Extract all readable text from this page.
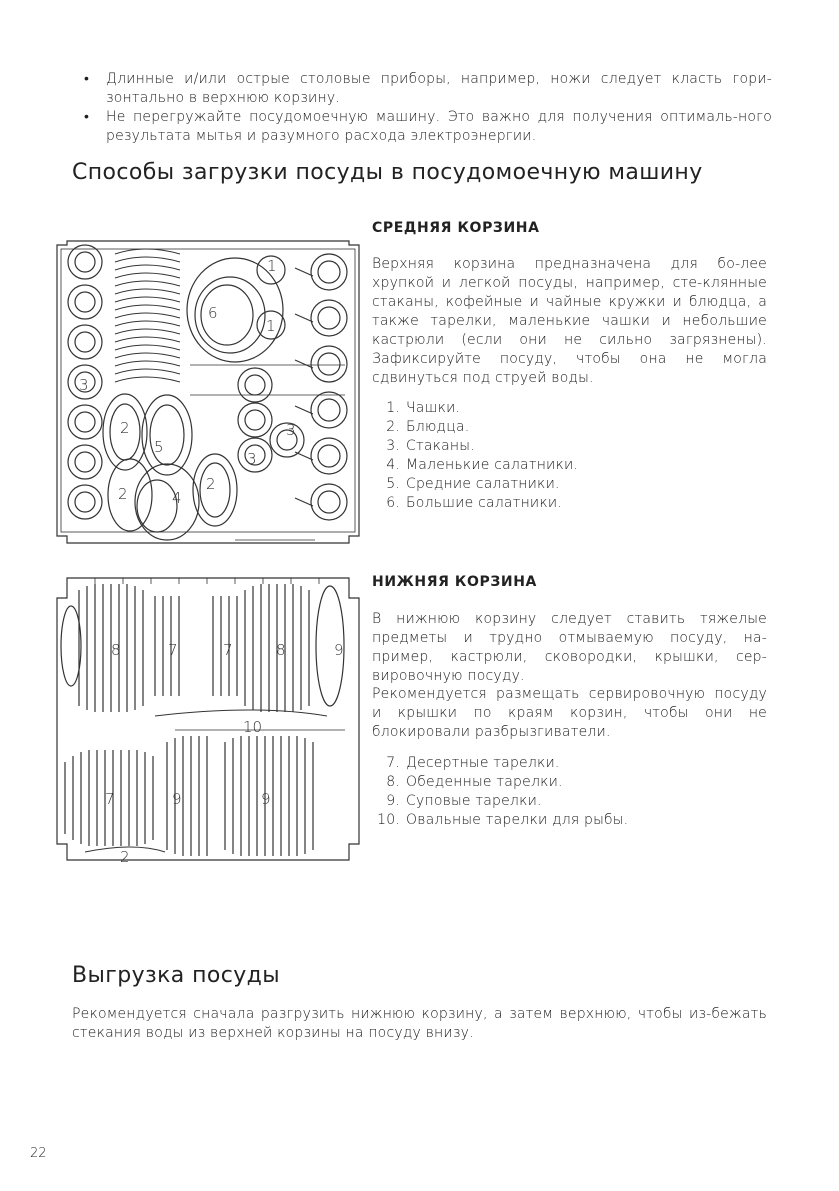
• Длинные и/или острые столовые приборы, например, ножи следует класть гори-зонтально в верхнюю корзину.
• Не перегружайте посудомоечную машину. Это важно для получения оптималь-ного результата мытья и разумного расхода электроэнергии.
Способы загрузки посуды в посудомоечную машину
1
1
6
3
3
3
2
5
2	4
2
СРЕДНЯЯ КОРЗИНА
Верхняя корзина предназначена для бо-лее хрупкой и легкой посуды, например, сте-клянные стаканы, кофейные и чайные кружки и блюдца, а также тарелки, маленькие чашки и небольшие кастрюли (если они не сильно загрязнены). Зафиксируйте посуду, чтобы она не могла сдвинуться под струей воды.
1. Чашки.
2. Блюдца.
3. Стаканы.
4. Маленькие салатники.
5. Средние салатники.
6. Большие салатники.
8	7	7	8	9
10
7	9	9
2
НИЖНЯЯ КОРЗИНА
В нижнюю корзину следует ставить тяжелые предметы и трудно отмываемую посуду, на-пример, кастрюли, сковородки, крышки, сер-вировочную посуду.
Рекомендуется размещать сервировочную посуду и крышки по краям корзин, чтобы они не блокировали разбрызгиватели.
7. Десертные тарелки.
8. Обеденные тарелки.
9. Суповые тарелки.
10. Овальные тарелки для рыбы.
Выгрузка посуды
Рекомендуется сначала разгрузить нижнюю корзину, а затем верхнюю, чтобы из-бежать стекания воды из верхней корзины на посуду внизу.
22
